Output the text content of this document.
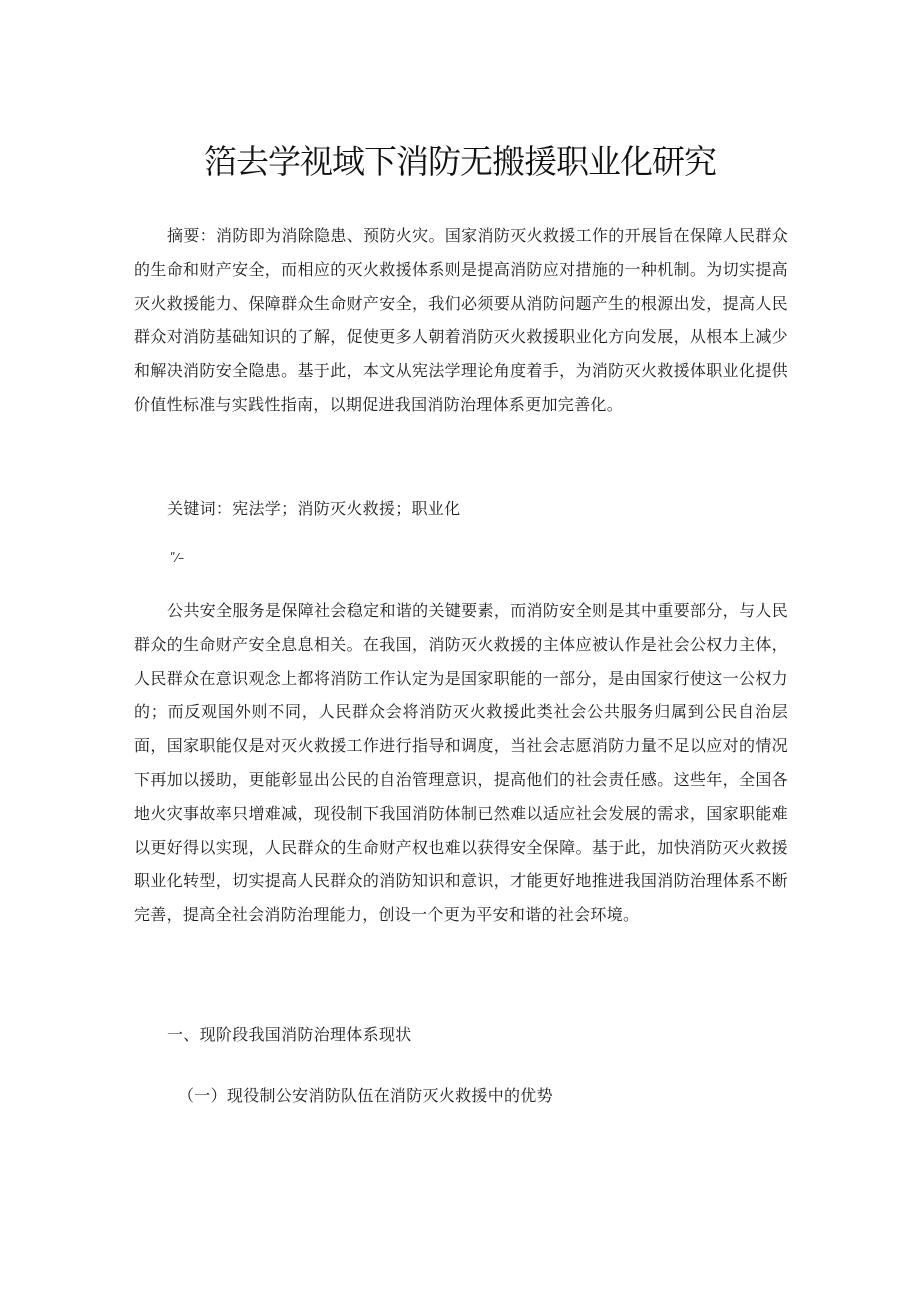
箔去学视域下消防无搬援职业化研究

摘要：消防即为消除隐患、预防火灾。国家消防灭火救援工作的开展旨在保障人民群众的生命和财产安全，而相应的灭火救援体系则是提高消防应对措施的一种机制。为切实提高灭火救援能力、保障群众生命财产安全，我们必须要从消防问题产生的根源出发，提高人民群众对消防基础知识的了解，促使更多人朝着消防灭火救援职业化方向发展，从根本上减少和解决消防安全隐患。基于此，本文从宪法学理论角度着手，为消防灭火救援体职业化提供价值性标准与实践性指南，以期促进我国消防治理体系更加完善化。

关键词：宪法学；消防灭火救援；职业化
ʺ⁄–

公共安全服务是保障社会稳定和谐的关键要素，而消防安全则是其中重要部分，与人民群众的生命财产安全息息相关。在我国，消防灭火救援的主体应被认作是社会公权力主体，人民群众在意识观念上都将消防工作认定为是国家职能的一部分，是由国家行使这一公权力的；而反观国外则不同，人民群众会将消防灭火救援此类社会公共服务归属到公民自治层面，国家职能仅是对灭火救援工作进行指导和调度，当社会志愿消防力量不足以应对的情况下再加以援助，更能彰显出公民的自治管理意识，提高他们的社会责任感。这些年，全国各地火灾事故率只增难减，现役制下我国消防体制已然难以适应社会发展的需求，国家职能难以更好得以实现，人民群众的生命财产权也难以获得安全保障。基于此，加快消防灭火救援职业化转型，切实提高人民群众的消防知识和意识，才能更好地推进我国消防治理体系不断完善，提高全社会消防治理能力，创设一个更为平安和谐的社会环境。

一、现阶段我国消防治理体系现状
（一）现役制公安消防队伍在消防灭火救援中的优势
